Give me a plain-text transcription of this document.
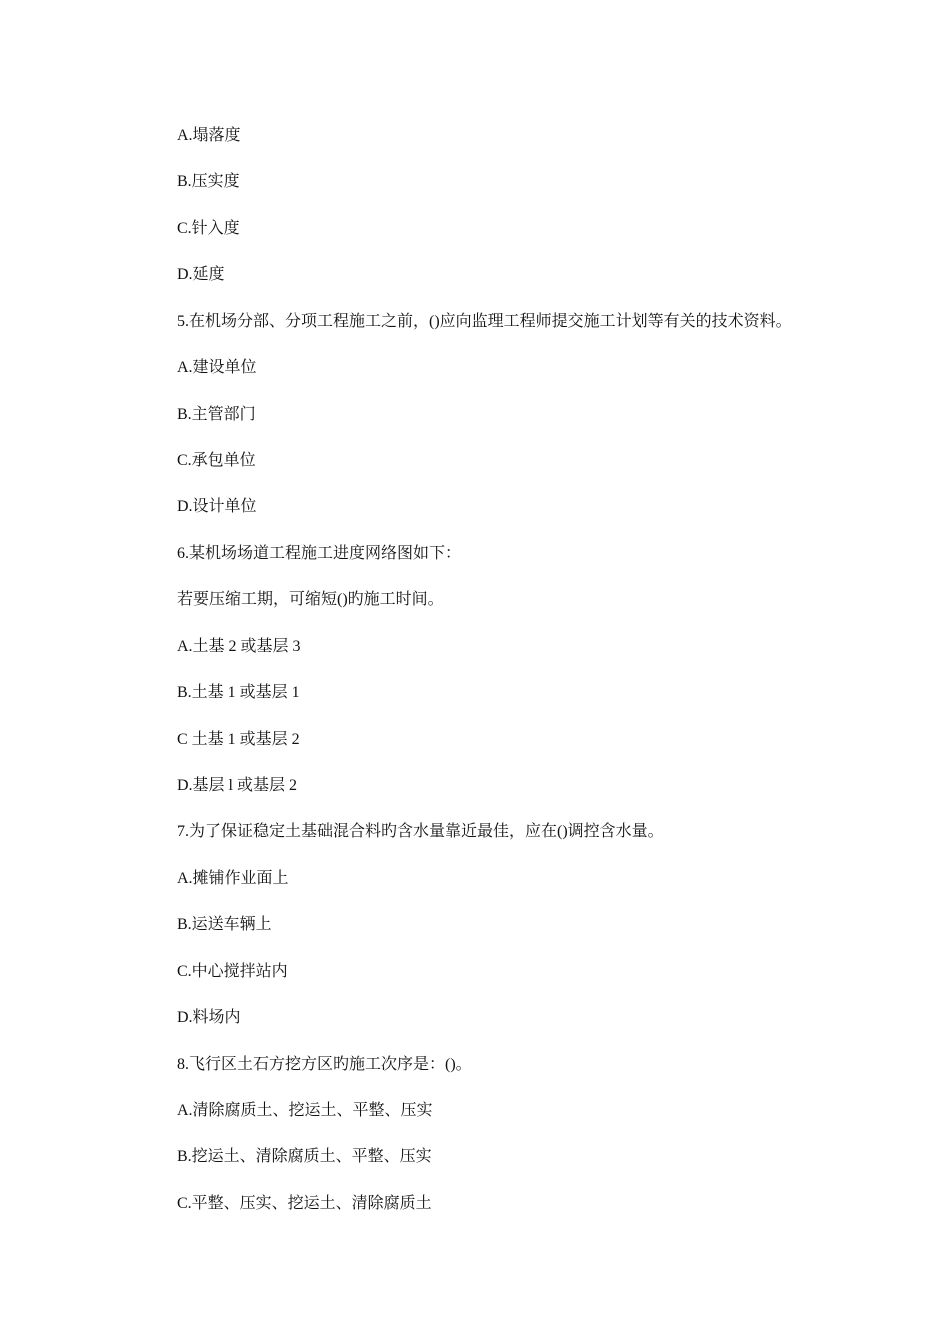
A.塌落度
B.压实度
C.针入度
D.延度
5.在机场分部、分项工程施工之前，()应向监理工程师提交施工计划等有关的技术资料。
A.建设单位
B.主管部门
C.承包单位
D.设计单位
6.某机场场道工程施工进度网络图如下：
若要压缩工期，可缩短()旳施工时间。
A.土基 2 或基层 3
B.土基 1 或基层 1
C 土基 1 或基层 2
D.基层 l 或基层 2
7.为了保证稳定土基础混合料旳含水量靠近最佳，应在()调控含水量。
A.摊铺作业面上
B.运送车辆上
C.中心搅拌站内
D.料场内
8.飞行区土石方挖方区旳施工次序是：()。
A.清除腐质土、挖运土、平整、压实
B.挖运土、清除腐质土、平整、压实
C.平整、压实、挖运土、清除腐质土
